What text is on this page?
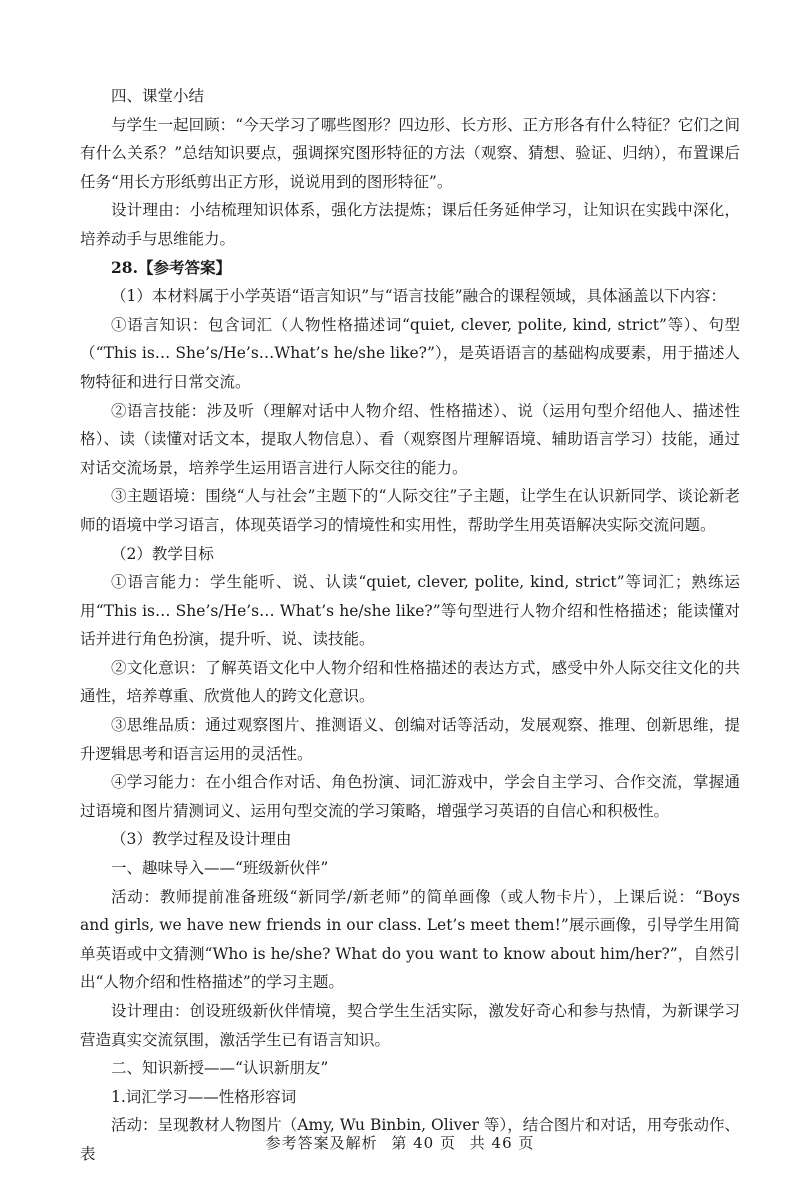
四、课堂小结

与学生一起回顾：“今天学习了哪些图形？四边形、长方形、正方形各有什么特征？它们之间有什么关系？”总结知识要点，强调探究图形特征的方法（观察、猜想、验证、归纳），布置课后任务“用长方形纸剪出正方形，说说用到的图形特征”。

设计理由：小结梳理知识体系，强化方法提炼；课后任务延伸学习，让知识在实践中深化，培养动手与思维能力。

28.【参考答案】

（1）本材料属于小学英语“语言知识”与“语言技能”融合的课程领域，具体涵盖以下内容：

①语言知识：包含词汇（人物性格描述词“quiet, clever, polite, kind, strict”等）、句型（“This is… She’s/He’s…What’s he/she like?”），是英语语言的基础构成要素，用于描述人物特征和进行日常交流。

②语言技能：涉及听（理解对话中人物介绍、性格描述）、说（运用句型介绍他人、描述性格）、读（读懂对话文本，提取人物信息）、看（观察图片理解语境、辅助语言学习）技能，通过对话交流场景，培养学生运用语言进行人际交往的能力。

③主题语境：围绕“人与社会”主题下的“人际交往”子主题，让学生在认识新同学、谈论新老师的语境中学习语言，体现英语学习的情境性和实用性，帮助学生用英语解决实际交流问题。

（2）教学目标

①语言能力：学生能听、说、认读“quiet, clever, polite, kind, strict”等词汇；熟练运用“This is… She’s/He’s… What’s he/she like?”等句型进行人物介绍和性格描述；能读懂对话并进行角色扮演，提升听、说、读技能。

②文化意识：了解英语文化中人物介绍和性格描述的表达方式，感受中外人际交往文化的共通性，培养尊重、欣赏他人的跨文化意识。

③思维品质：通过观察图片、推测语义、创编对话等活动，发展观察、推理、创新思维，提升逻辑思考和语言运用的灵活性。

④学习能力：在小组合作对话、角色扮演、词汇游戏中，学会自主学习、合作交流，掌握通过语境和图片猜测词义、运用句型交流的学习策略，增强学习英语的自信心和积极性。

（3）教学过程及设计理由

一、趣味导入——“班级新伙伴”

活动：教师提前准备班级“新同学/新老师”的简单画像（或人物卡片），上课后说：“Boys and girls, we have new friends in our class. Let’s meet them!”展示画像，引导学生用简单英语或中文猜测“Who is he/she? What do you want to know about him/her?”，自然引出“人物介绍和性格描述”的学习主题。

设计理由：创设班级新伙伴情境，契合学生生活实际，激发好奇心和参与热情，为新课学习营造真实交流氛围，激活学生已有语言知识。

二、知识新授——“认识新朋友”

1.词汇学习——性格形容词

活动：呈现教材人物图片（Amy, Wu Binbin, Oliver 等），结合图片和对话，用夸张动作、表

参考答案及解析 第 40 页 共 46 页
